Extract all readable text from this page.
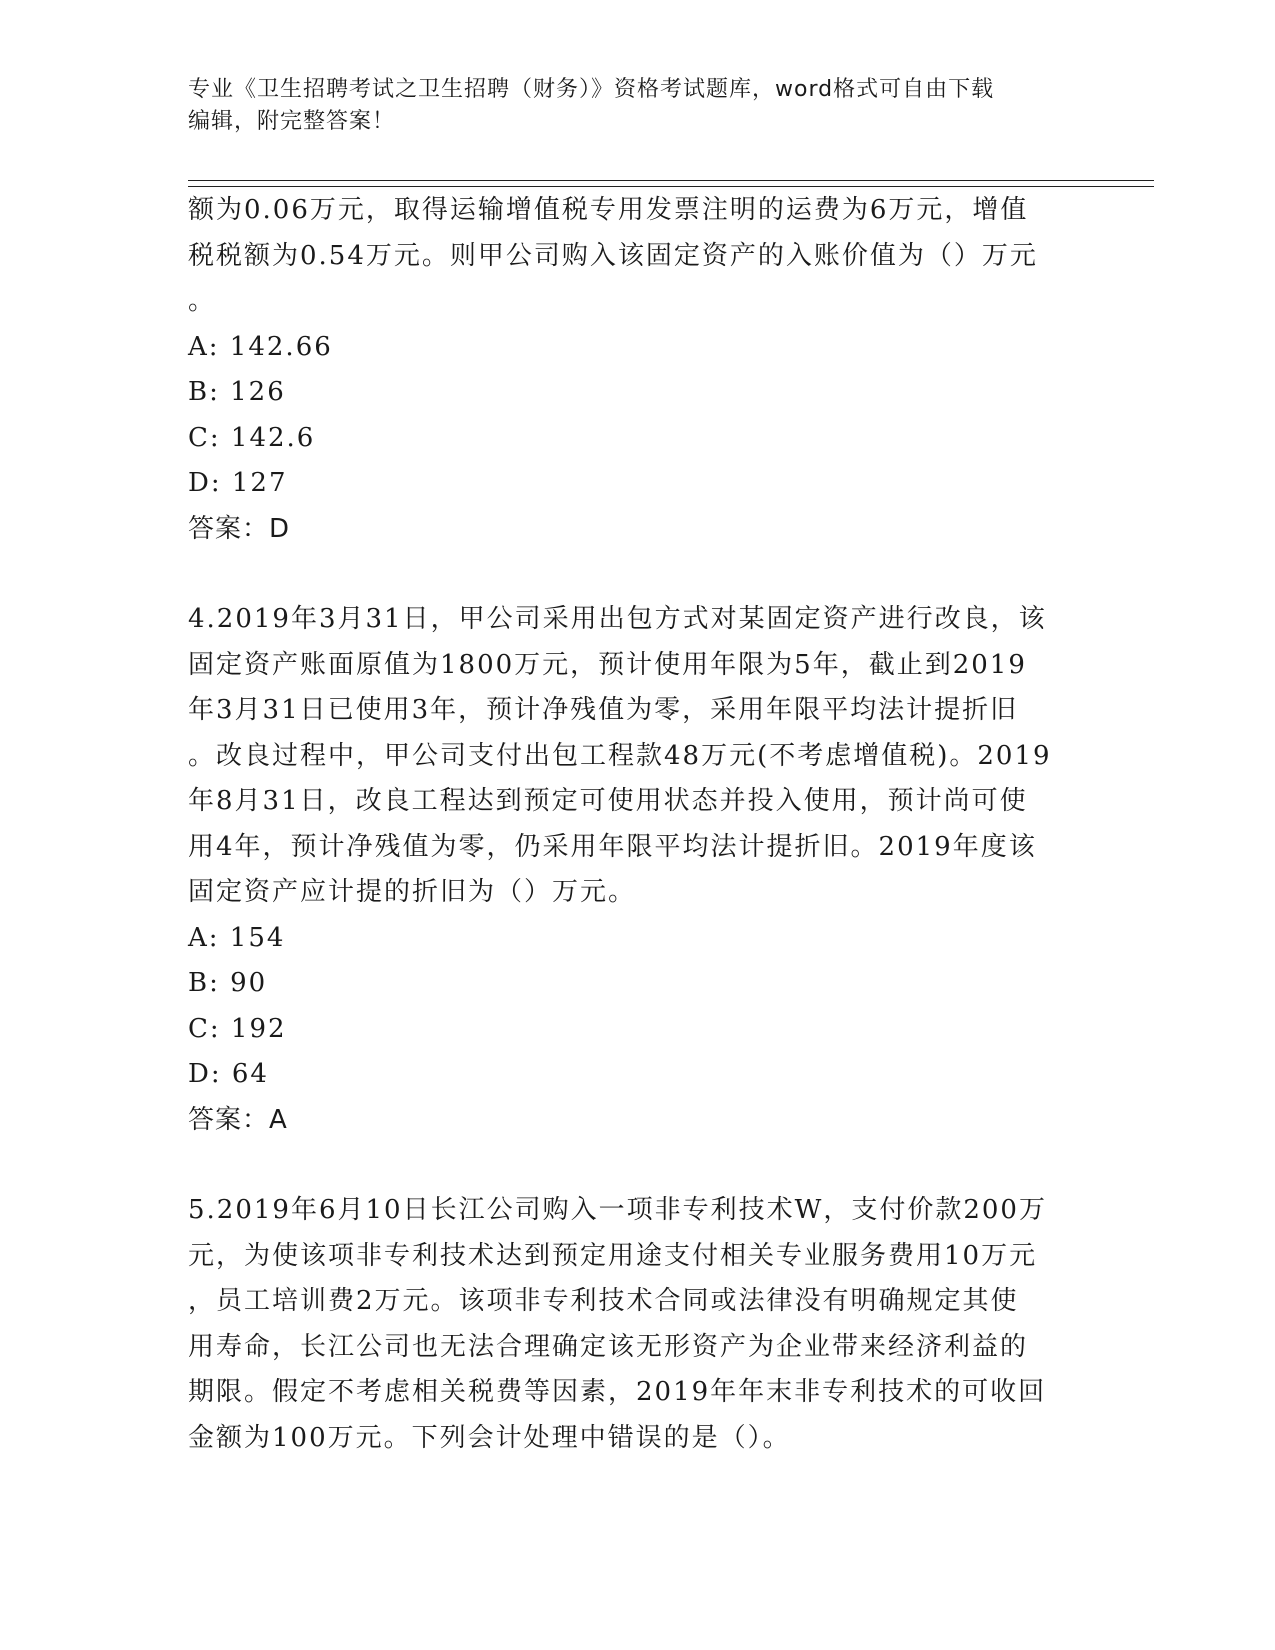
专业《卫生招聘考试之卫生招聘（财务）》资格考试题库，word格式可自由下载
编辑，附完整答案！

额为0.06万元，取得运输增值税专用发票注明的运费为6万元，增值

税税额为0.54万元。则甲公司购入该固定资产的入账价值为（）万元

。

A: 142.66

B: 126

C: 142.6

D: 127

答案：D

4.2019年3月31日，甲公司采用出包方式对某固定资产进行改良，该

固定资产账面原值为1800万元，预计使用年限为5年，截止到2019

年3月31日已使用3年，预计净残值为零，采用年限平均法计提折旧

。改良过程中，甲公司支付出包工程款48万元(不考虑增值税)。2019

年8月31日，改良工程达到预定可使用状态并投入使用，预计尚可使

用4年，预计净残值为零，仍采用年限平均法计提折旧。2019年度该

固定资产应计提的折旧为（）万元。

A: 154

B: 90

C: 192

D: 64

答案：A

5.2019年6月10日长江公司购入一项非专利技术W，支付价款200万

元，为使该项非专利技术达到预定用途支付相关专业服务费用10万元

，员工培训费2万元。该项非专利技术合同或法律没有明确规定其使

用寿命，长江公司也无法合理确定该无形资产为企业带来经济利益的

期限。假定不考虑相关税费等因素，2019年年末非专利技术的可收回

金额为100万元。下列会计处理中错误的是（）。
